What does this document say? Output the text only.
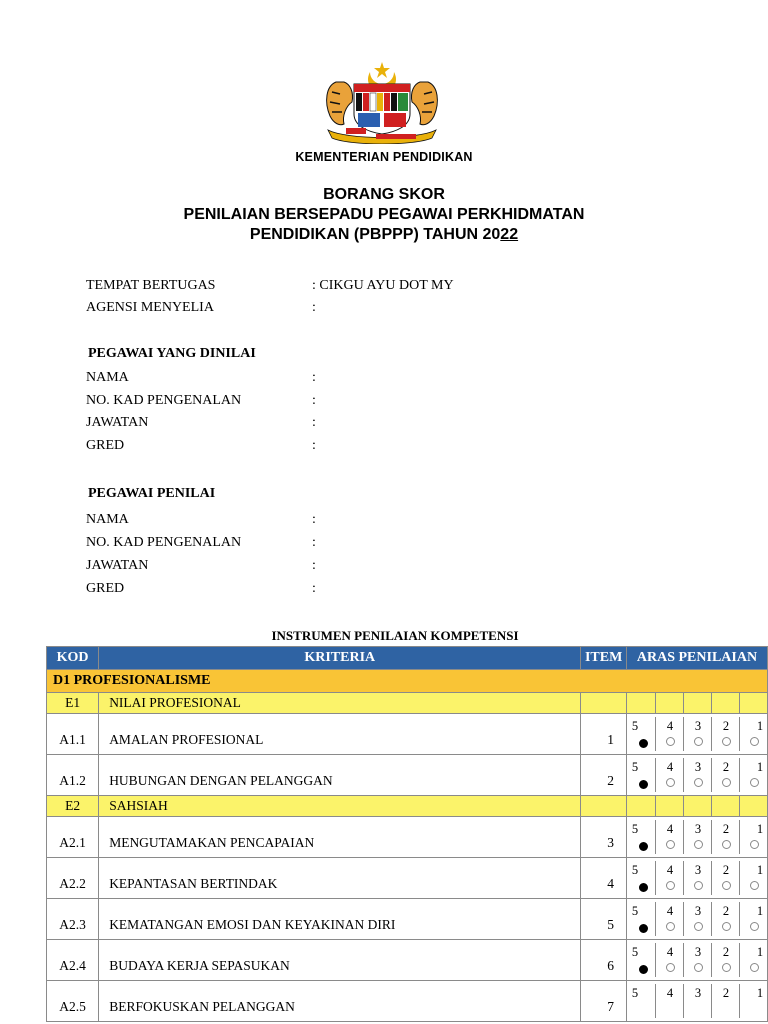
KEMENTERIAN PENDIDIKAN
BORANG SKOR
PENILAIAN BERSEPADU PEGAWAI PERKHIDMATAN
PENDIDIKAN (PBPPP) TAHUN 2022
TEMPAT BERTUGAS	: CIKGU AYU DOT MY
AGENSI MENYELIA	:
PEGAWAI YANG DINILAI
NAMA	:
NO. KAD PENGENALAN	:
JAWATAN	:
GRED	:
PEGAWAI PENILAI
NAMA	:
NO. KAD PENGENALAN	:
JAWATAN	:
GRED	:
INSTRUMEN PENILAIAN KOMPETENSI
KOD	KRITERIA	ITEM	ARAS PENILAIAN
D1 PROFESIONALISME			
E1	NILAI PROFESIONAL		

A1.1	AMALAN PROFESIONAL	1	5 4 3 2 1

A1.2	HUBUNGAN DENGAN PELANGGAN	2	5 4 3 2 1

E2	SAHSIAH		

A2.1	MENGUTAMAKAN PENCAPAIAN	3	5 4 3 2 1

A2.2	KEPANTASAN BERTINDAK	4	5 4 3 2 1

A2.3	KEMATANGAN EMOSI DAN KEYAKINAN DIRI	5	5 4 3 2 1

A2.4	BUDAYA KERJA SEPASUKAN	6	5 4 3 2 1

A2.5	BERFOKUSKAN PELANGGAN	7	5 4 3 2 1
